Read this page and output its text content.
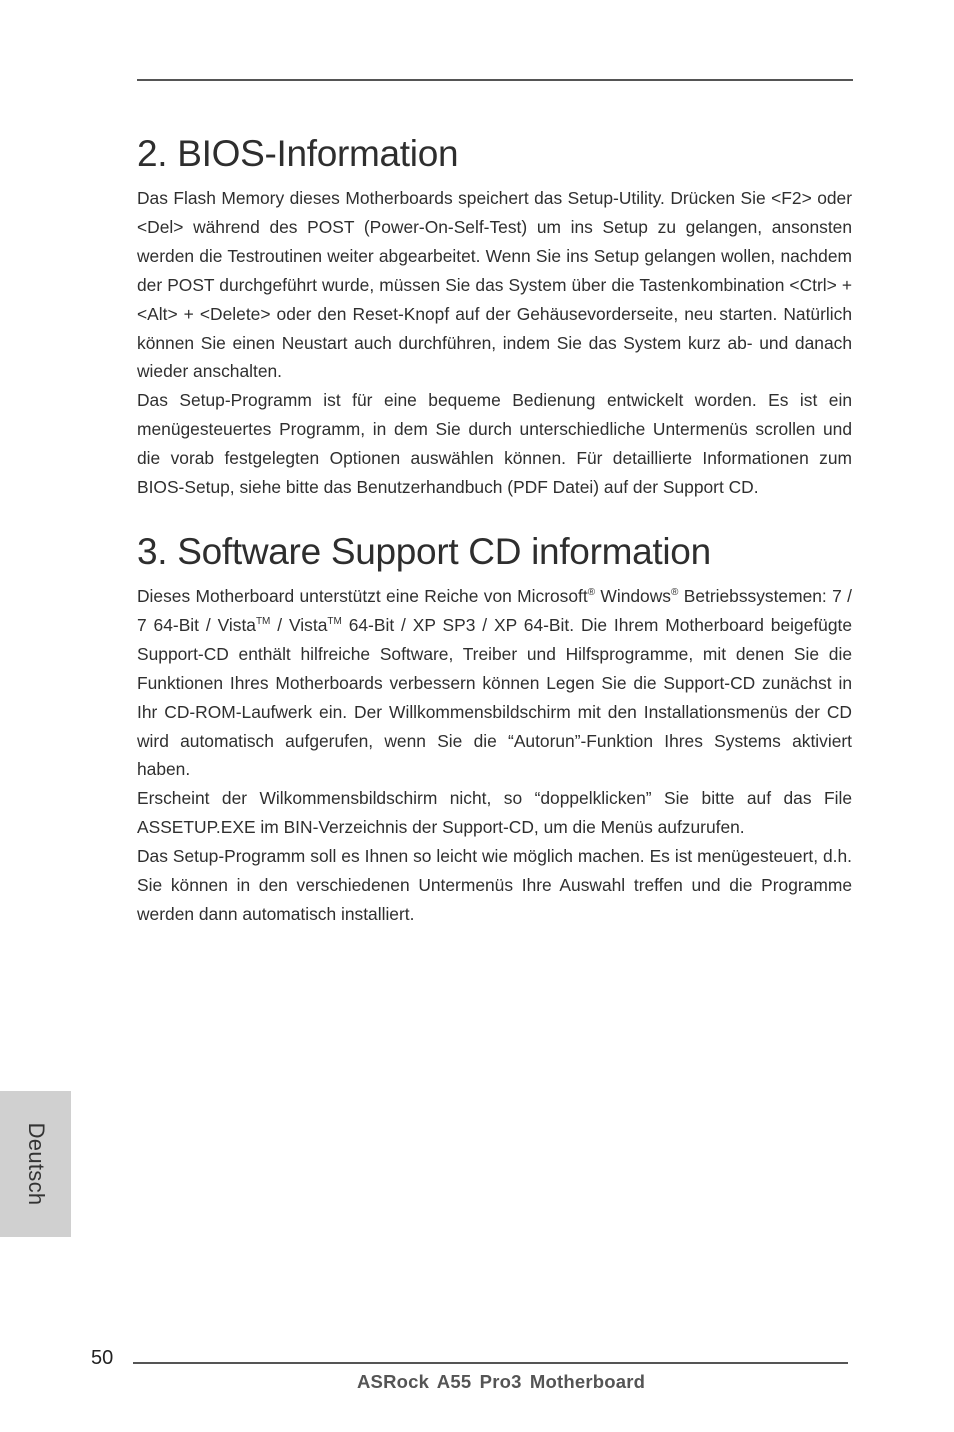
2. BIOS-Information

Das Flash Memory dieses Motherboards speichert das Setup-Utility. Drücken Sie <F2> oder <Del> während des POST (Power-On-Self-Test) um ins Setup zu gelangen, ansonsten werden die Testroutinen weiter abgearbeitet. Wenn Sie ins Setup gelangen wollen, nachdem der POST durchgeführt wurde, müssen Sie das System über die Tastenkombination <Ctrl> + <Alt> + <Delete> oder den Reset-Knopf auf der Gehäusevorderseite, neu starten. Natürlich können Sie einen Neustart auch durchführen, indem Sie das System kurz ab- und danach wieder anschalten.

Das Setup-Programm ist für eine bequeme Bedienung entwickelt worden. Es ist ein menügesteuertes Programm, in dem Sie durch unterschiedliche Untermenüs scrollen und die vorab festgelegten Optionen auswählen können. Für detaillierte Informationen zum BIOS-Setup, siehe bitte das Benutzerhandbuch (PDF Datei) auf der Support CD.

3. Software Support CD information

Dieses Motherboard unterstützt eine Reiche von Microsoft® Windows® Betriebssystemen: 7 / 7 64-Bit / Vista™ / Vista™ 64-Bit / XP SP3 / XP 64-Bit. Die Ihrem Motherboard beigefügte Support-CD enthält hilfreiche Software, Treiber und Hilfsprogramme, mit denen Sie die Funktionen Ihres Motherboards verbessern können Legen Sie die Support-CD zunächst in Ihr CD-ROM-Laufwerk ein. Der Willkommensbildschirm mit den Installationsmenüs der CD wird automatisch aufgerufen, wenn Sie die “Autorun”-Funktion Ihres Systems aktiviert haben.

Erscheint der Wilkommensbildschirm nicht, so “doppelklicken” Sie bitte auf das File ASSETUP.EXE im BIN-Verzeichnis der Support-CD, um die Menüs aufzurufen.

Das Setup-Programm soll es Ihnen so leicht wie möglich machen. Es ist menügesteuert, d.h. Sie können in den verschiedenen Untermenüs Ihre Auswahl treffen und die Programme werden dann automatisch installiert.

Deutsch
50
ASRock A55 Pro3 Motherboard
